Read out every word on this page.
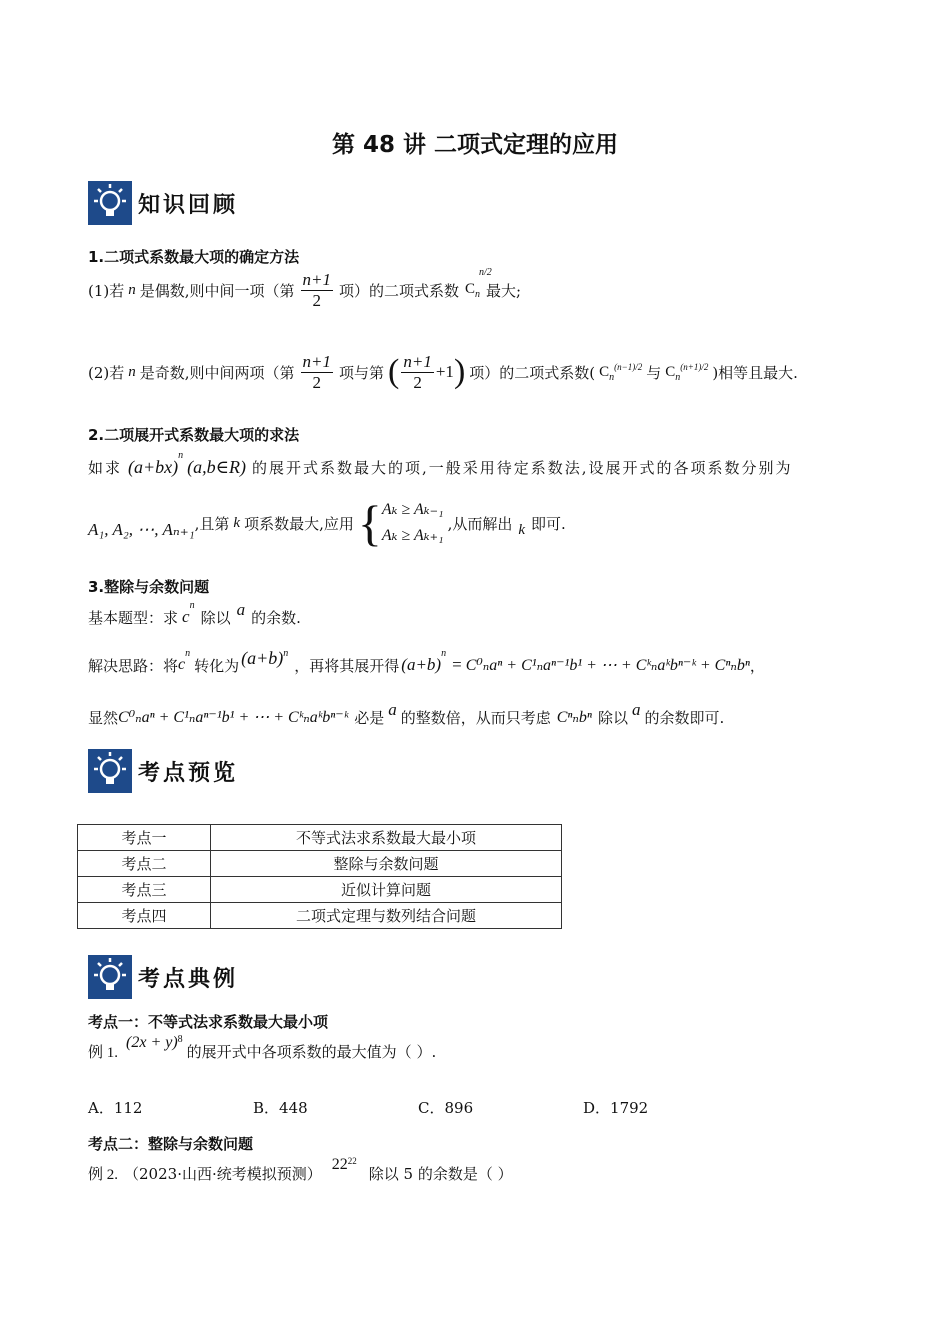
第 48 讲 二项式定理的应用
知识回顾
1.二项式系数最大项的确定方法
(1)若 n 是偶数,则中间一项（第 $\frac{n+1}{2}$ 项）的二项式系数 $C_n$
n/2
最大;
(2)若 n 是奇数,则中间两项（第 $\frac{n+1}{2}$ 项与第 ( $\frac{n+1}{2} +1$ ) 项）的二项式系数( $C_n^{(n-1)/2}$ 与 $C_n^{(n+1)/2}$ )相等且最大.
2.二项展开式系数最大项的求法
如求 (a+bx)
$^n$
(a,b∈R) 的展开式系数最大的项,一般采用待定系数法,设展开式的各项系数分别为
A₁, A₂, ⋯, Aₙ₊₁ ,且第 k 项系数最大,应用 { Aₖ ≥ Aₖ₋₁
Aₖ ≥ Aₖ₊₁
,从而解出 k 即可.
3.整除与余数问题
基本题型：求 c
$^n$
除以 a 的余数.
解决思路：将 c
$^n$
转化为 $(a+b)^n$
，再将其展开得 (a+b)
$^n$
= C⁰ₙaⁿ + C¹ₙaⁿ⁻¹b¹ + ⋯ + Cᵏₙaᵏbⁿ⁻ᵏ + Cⁿₙbⁿ ，
显然 C⁰ₙaⁿ + C¹ₙaⁿ⁻¹b¹ + ⋯ + Cᵏₙaᵏbⁿ⁻ᵏ 必是 a 的整数倍，从而只考虑 Cⁿₙbⁿ 除以 a 的余数即可.
考点预览
考点一	不等式法求系数最大最小项
考点二	整除与余数问题
考点三	近似计算问题
考点四	二项式定理与数列结合问题
考点典例
考点一：不等式法求系数最大最小项
例 1.
$(2x + y)^8$
的展开式中各项系数的最大值为（ ）.
A．112	B．448	C．896	D．1792
考点二：整除与余数问题
例 2. （2023·山西·统考模拟预测） $22^{22}$
除以 5 的余数是（ ）
